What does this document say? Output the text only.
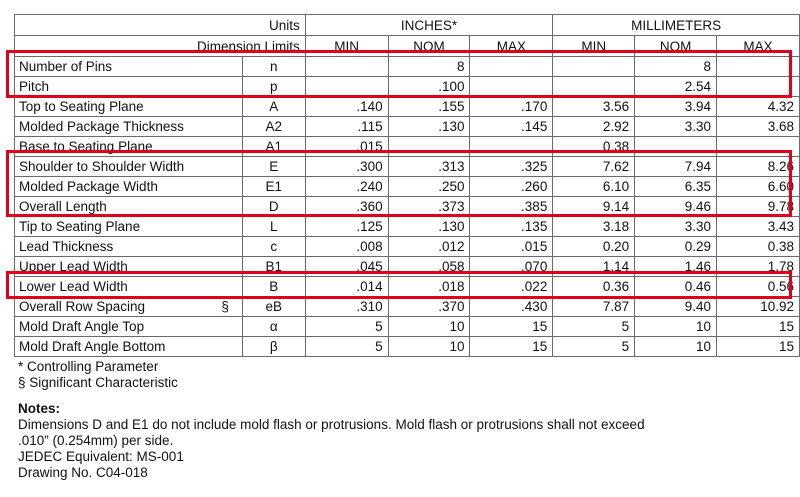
Units		INCHES*			MILLIMETERS		
Dimension Limits		MIN	NOM	MAX	MIN	NOM	MAX
Number of Pins	n		8			8	
Pitch	p		.100			2.54	
Top to Seating Plane	A	.140	.155	.170	3.56	3.94	4.32
Molded Package Thickness	A2	.115	.130	.145	2.92	3.30	3.68
Base to Seating Plane	A1	.015			0.38		
Shoulder to Shoulder Width	E	.300	.313	.325	7.62	7.94	8.26
Molded Package Width	E1	.240	.250	.260	6.10	6.35	6.60
Overall Length	D	.360	.373	.385	9.14	9.46	9.78
Tip to Seating Plane	L	.125	.130	.135	3.18	3.30	3.43
Lead Thickness	c	.008	.012	.015	0.20	0.29	0.38
Upper Lead Width	B1	.045	.058	.070	1.14	1.46	1.78
Lower Lead Width	B	.014	.018	.022	0.36	0.46	0.56
Overall Row Spacing §	eB	.310	.370	.430	7.87	9.40	10.92
Mold Draft Angle Top	α	5	10	15	5	10	15
Mold Draft Angle Bottom	β	5	10	15	5	10	15
* Controlling Parameter
§ Significant Characteristic
Notes:
Dimensions D and E1 do not include mold flash or protrusions. Mold flash or protrusions shall not exceed
.010” (0.254mm) per side.
JEDEC Equivalent: MS-001
Drawing No. C04-018
